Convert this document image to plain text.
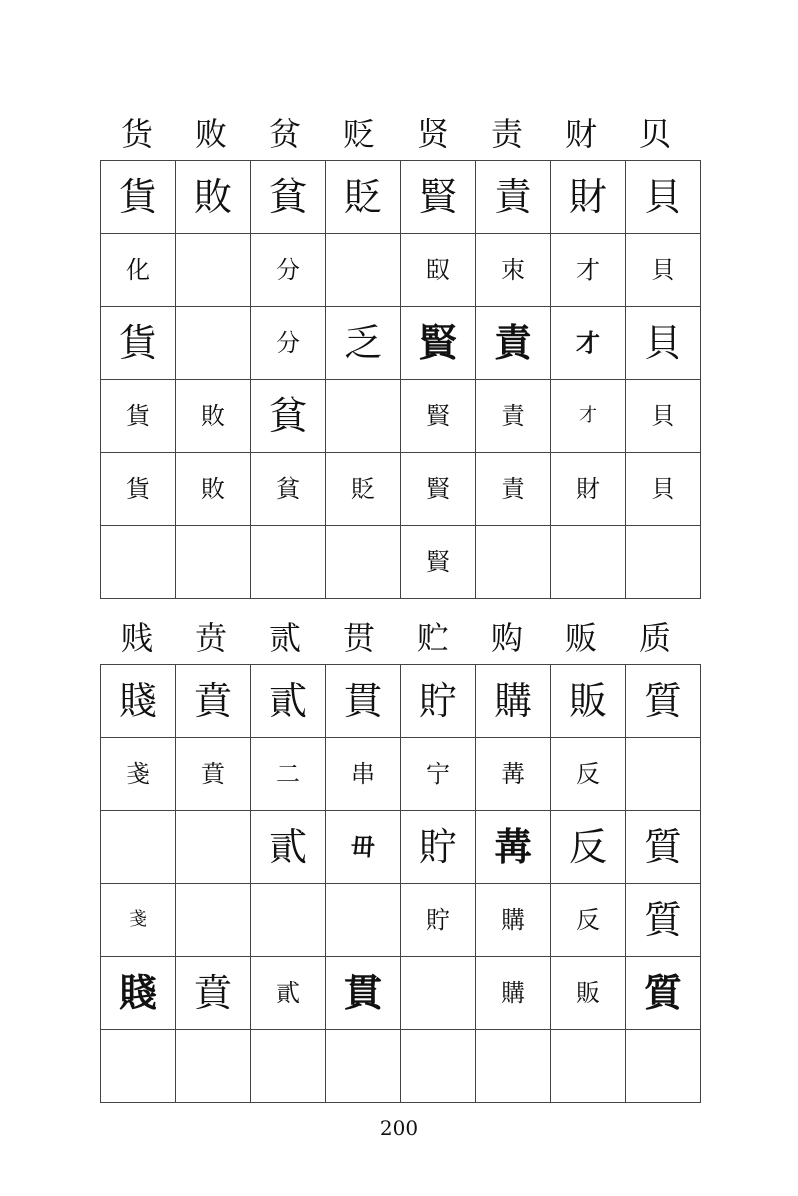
货	败	贫	贬	贤	责	财	贝
貨	敗	貧	貶	賢	責	財	貝
化		分		臤	朿	才	貝
貨		分	乏	賢	責	才	貝
貨	敗	貧		賢	責	才	貝
貨	敗	貧	貶	賢	責	財	貝
				賢			
贱	贲	贰	贯	贮	购	贩	质
賤	賁	貳	貫	貯	購	販	質
戔	賁	二	串	宁	冓	反	
		貳	毌	貯	冓	反	質
戔				貯	購	反	質
賤	賁	貳	貫		購	販	質

200
